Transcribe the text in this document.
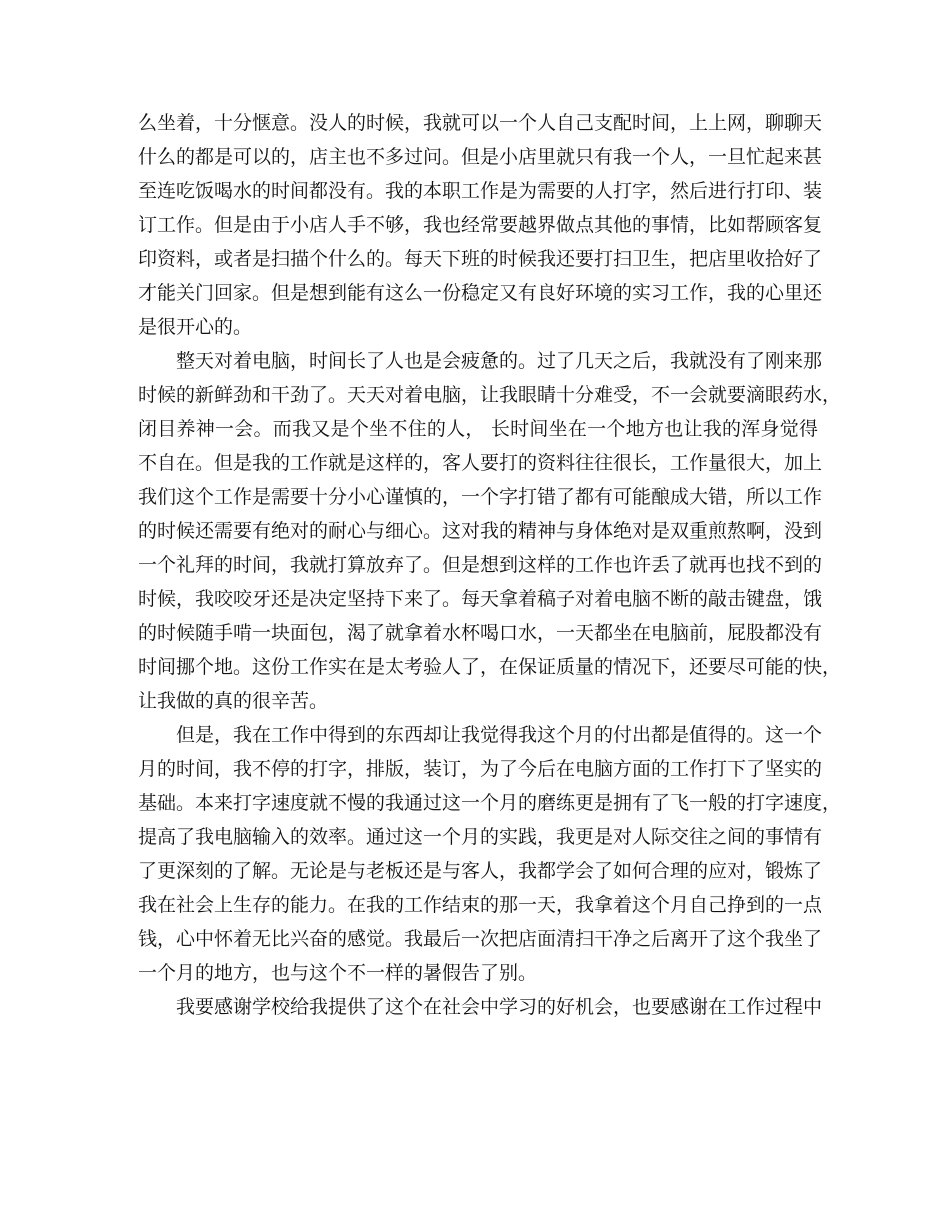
么坐着，十分惬意。没人的时候，我就可以一个人自己支配时间，上上网，聊聊天
什么的都是可以的，店主也不多过问。但是小店里就只有我一个人，一旦忙起来甚
至连吃饭喝水的时间都没有。我的本职工作是为需要的人打字，然后进行打印、装
订工作。但是由于小店人手不够，我也经常要越界做点其他的事情，比如帮顾客复
印资料，或者是扫描个什么的。每天下班的时候我还要打扫卫生，把店里收拾好了
才能关门回家。但是想到能有这么一份稳定又有良好环境的实习工作，我的心里还
是很开心的。
整天对着电脑，时间长了人也是会疲惫的。过了几天之后，我就没有了刚来那
时候的新鲜劲和干劲了。天天对着电脑，让我眼睛十分难受，不一会就要滴眼药水，
闭目养神一会。而我又是个坐不住的人， 长时间坐在一个地方也让我的浑身觉得
不自在。但是我的工作就是这样的，客人要打的资料往往很长，工作量很大，加上
我们这个工作是需要十分小心谨慎的，一个字打错了都有可能酿成大错，所以工作
的时候还需要有绝对的耐心与细心。这对我的精神与身体绝对是双重煎熬啊，没到
一个礼拜的时间，我就打算放弃了。但是想到这样的工作也许丢了就再也找不到的
时候，我咬咬牙还是决定坚持下来了。每天拿着稿子对着电脑不断的敲击键盘，饿
的时候随手啃一块面包，渴了就拿着水杯喝口水，一天都坐在电脑前，屁股都没有
时间挪个地。这份工作实在是太考验人了，在保证质量的情况下，还要尽可能的快，
让我做的真的很辛苦。
但是，我在工作中得到的东西却让我觉得我这个月的付出都是值得的。这一个
月的时间，我不停的打字，排版，装订，为了今后在电脑方面的工作打下了坚实的
基础。本来打字速度就不慢的我通过这一个月的磨练更是拥有了飞一般的打字速度，
提高了我电脑输入的效率。通过这一个月的实践，我更是对人际交往之间的事情有
了更深刻的了解。无论是与老板还是与客人，我都学会了如何合理的应对，锻炼了
我在社会上生存的能力。在我的工作结束的那一天，我拿着这个月自己挣到的一点
钱，心中怀着无比兴奋的感觉。我最后一次把店面清扫干净之后离开了这个我坐了
一个月的地方，也与这个不一样的暑假告了别。
我要感谢学校给我提供了这个在社会中学习的好机会，也要感谢在工作过程中
